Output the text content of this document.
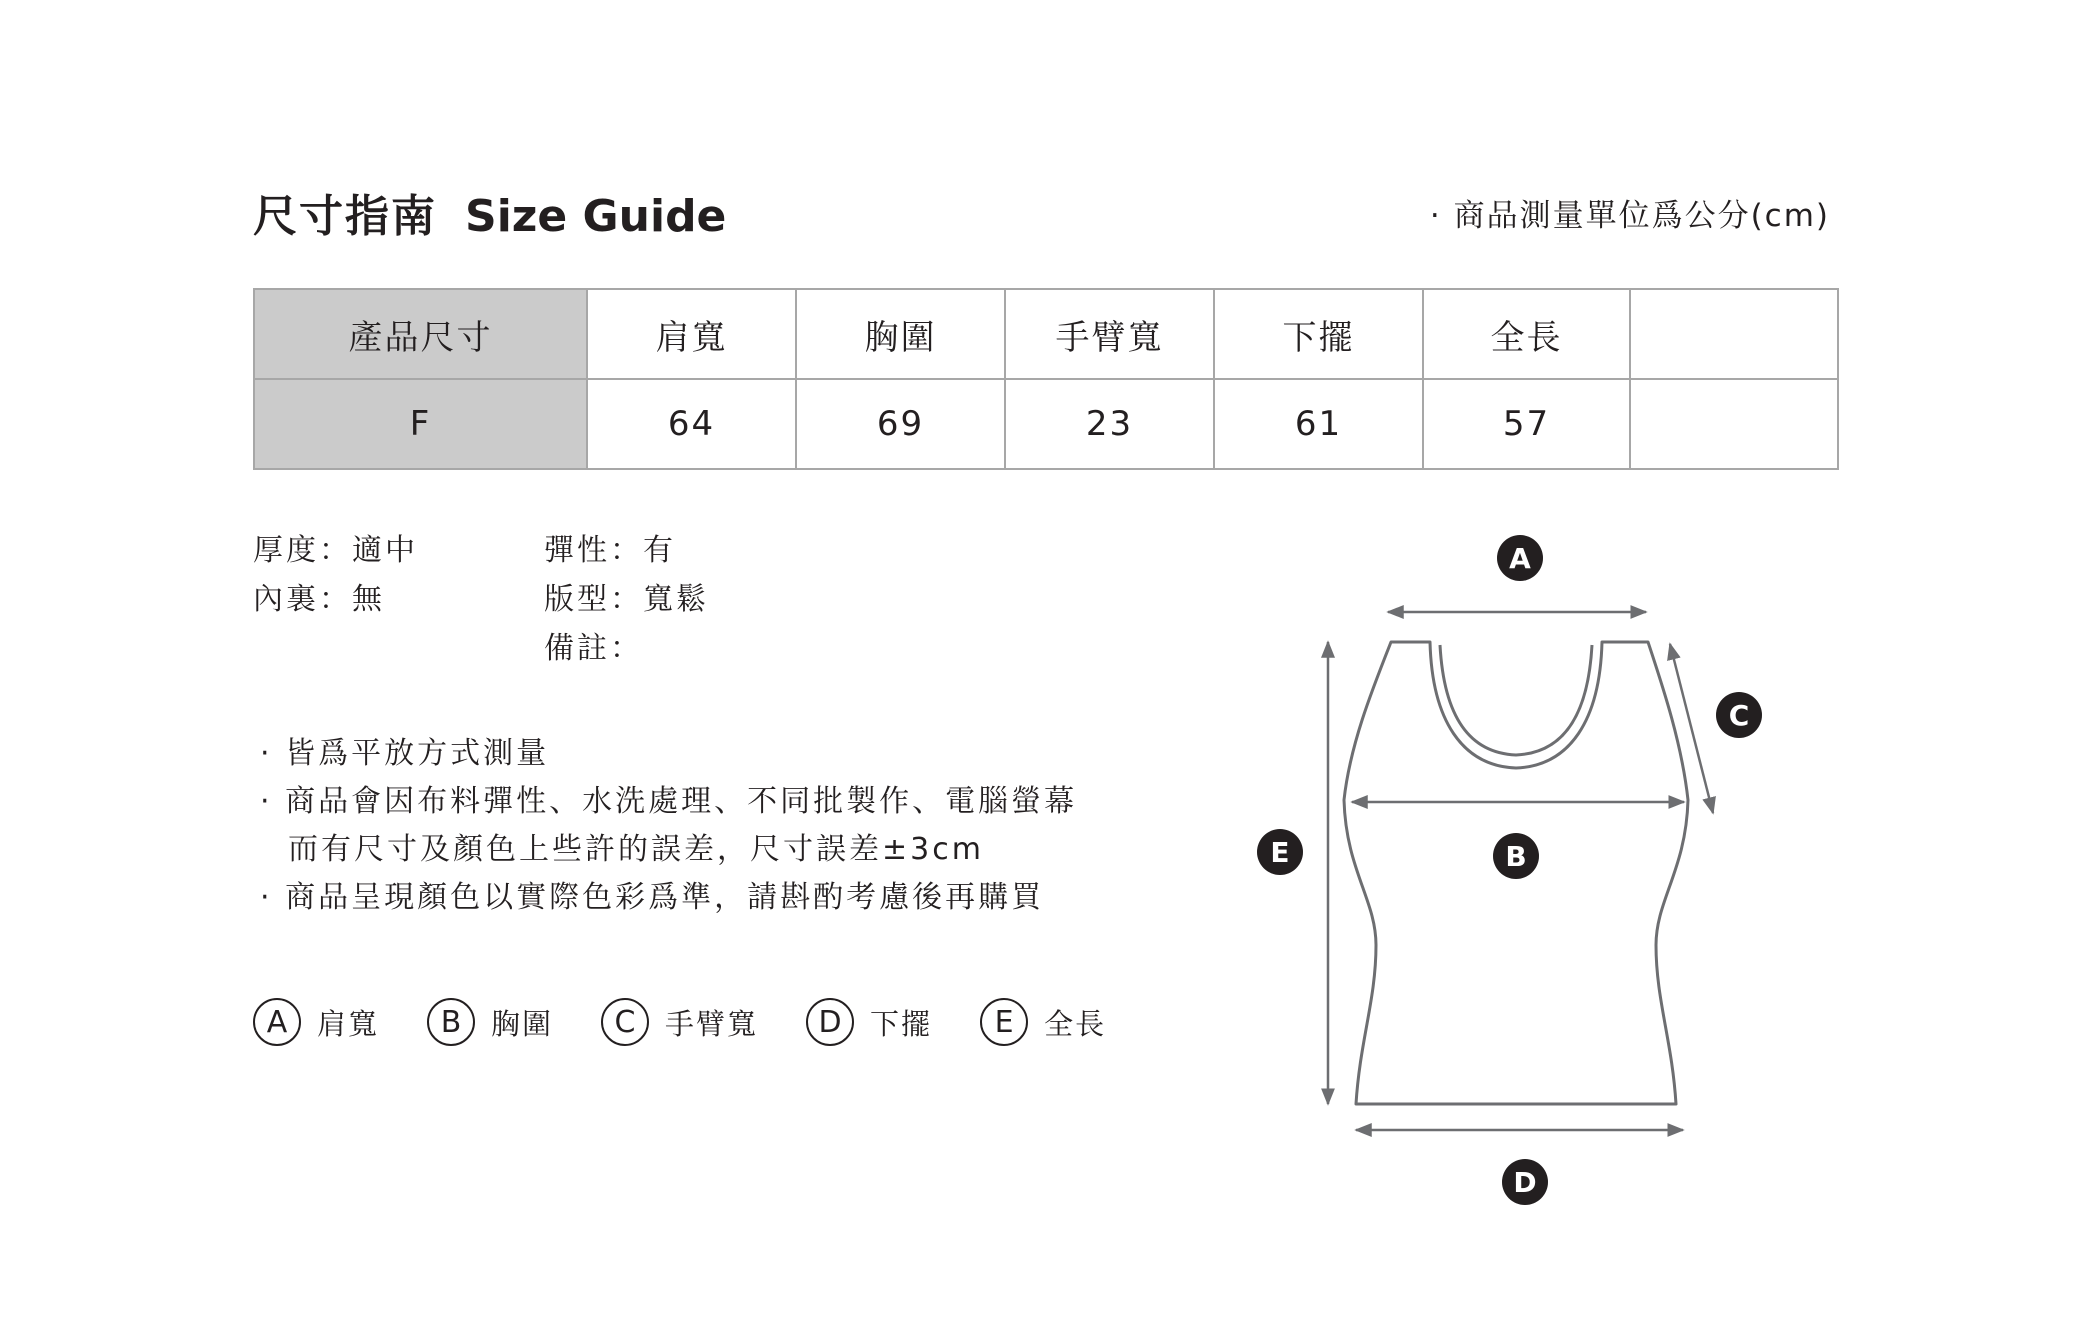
尺寸指南 Size Guide	· 商品測量單位爲公分(cm)
產品尺寸	肩寬	胸圍	手臂寬	下擺	全長	
F	64	69	23	61	57	
厚度：適中
內裏：無
彈性：有
版型：寬鬆
備註：
· 皆爲平放方式測量
· 商品會因布料彈性、水洗處理、不同批製作、電腦螢幕
而有尺寸及顏色上些許的誤差，尺寸誤差±3cm
· 商品呈現顏色以實際色彩爲準，請斟酌考慮後再購買
A	肩寬	B	胸圍	C	手臂寬	D 下擺	E	全長
A
C
E	B
D
